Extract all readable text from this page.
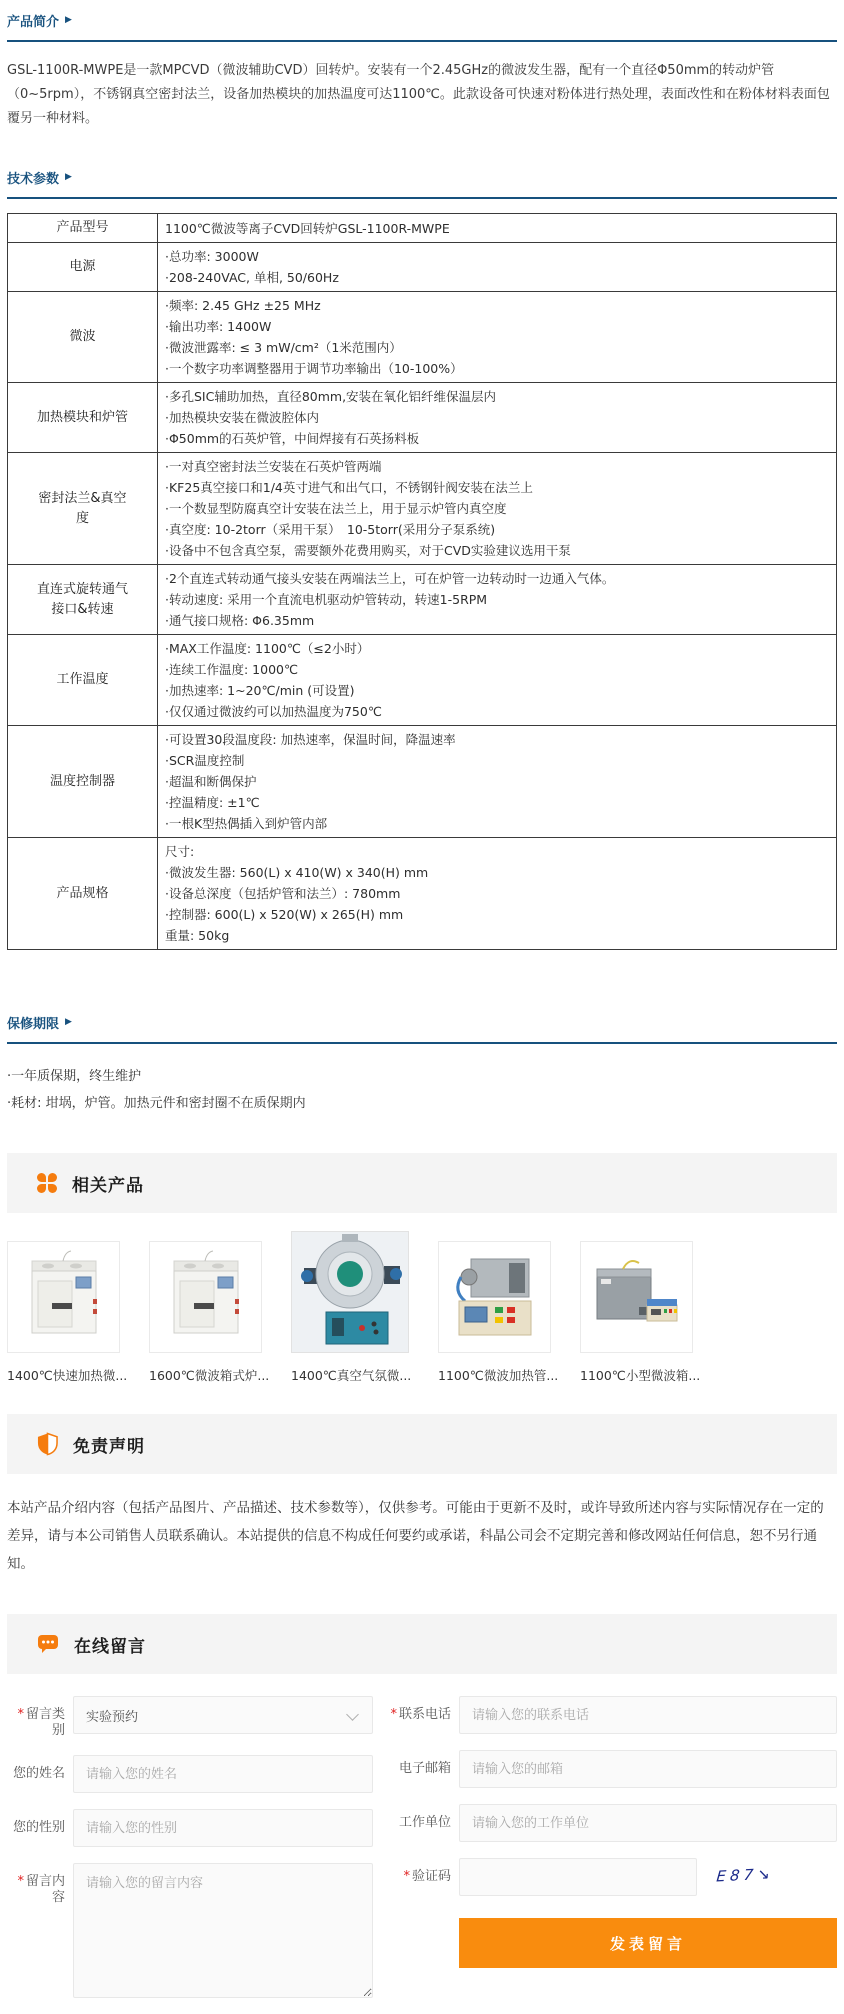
产品简介 ▶

GSL-1100R-MWPE是一款MPCVD（微波辅助CVD）回转炉。安装有一个2.45GHz的微波发生器，配有一个直径Φ50mm的转动炉管（0~5rpm），不锈钢真空密封法兰，设备加热模块的加热温度可达1100℃。此款设备可快速对粉体进行热处理，表面改性和在粉体材料表面包覆另一种材料。

技术参数 ▶
产品型号	1100℃微波等离子CVD回转炉GSL-1100R-MWPE

电源	·总功率: 3000W
·208-240VAC, 单相, 50/60Hz

微波	·频率: 2.45 GHz ±25 MHz
·输出功率: 1400W
·微波泄露率: ≤ 3 mW/cm²（1米范围内）
·一个数字功率调整器用于调节功率输出（10-100%）

加热模块和炉管	·多孔SIC辅助加热，直径80mm,安装在氧化铝纤维保温层内
·加热模块安装在微波腔体内
·Φ50mm的石英炉管，中间焊接有石英扬料板

密封法兰&真空度	·一对真空密封法兰安装在石英炉管两端
·KF25真空接口和1/4英寸进气和出气口，不锈钢针阀安装在法兰上
·一个数显型防腐真空计安装在法兰上，用于显示炉管内真空度
·真空度: 10-2torr（采用干泵）　10-5torr(采用分子泵系统)
·设备中不包含真空泵，需要额外花费用购买，对于CVD实验建议选用干泵

直连式旋转通气接口&转速	·2个直连式转动通气接头安装在两端法兰上，可在炉管一边转动时一边通入气体。
·转动速度: 采用一个直流电机驱动炉管转动，转速1-5RPM
·通气接口规格: Φ6.35mm

工作温度	·MAX工作温度: 1100℃（≤2小时）
·连续工作温度: 1000℃
·加热速率: 1~20℃/min (可设置)
·仅仅通过微波约可以加热温度为750℃

温度控制器	·可设置30段温度段: 加热速率，保温时间，降温速率
·SCR温度控制
·超温和断偶保护
·控温精度: ±1℃
·一根K型热偶插入到炉管内部

产品规格	尺寸:
·微波发生器: 560(L) x 410(W) x 340(H) mm
·设备总深度（包括炉管和法兰）: 780mm
·控制器: 600(L) x 520(W) x 265(H) mm
重量: 50kg
保修期限 ▶
·一年质保期，终生维护
·耗材: 坩埚，炉管。加热元件和密封圈不在质保期内
相关产品
1400℃快速加热微... 1600℃微波箱式炉... 1400℃真空气氛微... 1100℃微波加热管... 1100℃小型微波箱...
免责声明

本站产品介绍内容（包括产品图片、产品描述、技术参数等），仅供参考。可能由于更新不及时，或许导致所述内容与实际情况存在一定的差异，请与本公司销售人员联系确认。本站提供的信息不构成任何要约或承诺，科晶公司会不定期完善和修改网站任何信息，恕不另行通知。

在线留言
* 留言类别
实验预约
您的姓名
请输入您的姓名
您的性别
请输入您的性别
* 留言内容
请输入您的留言内容
* 联系电话
请输入您的联系电话
电子邮箱
请输入您的邮箱
工作单位
请输入您的工作单位
* 验证码	E87↘
发表留言
